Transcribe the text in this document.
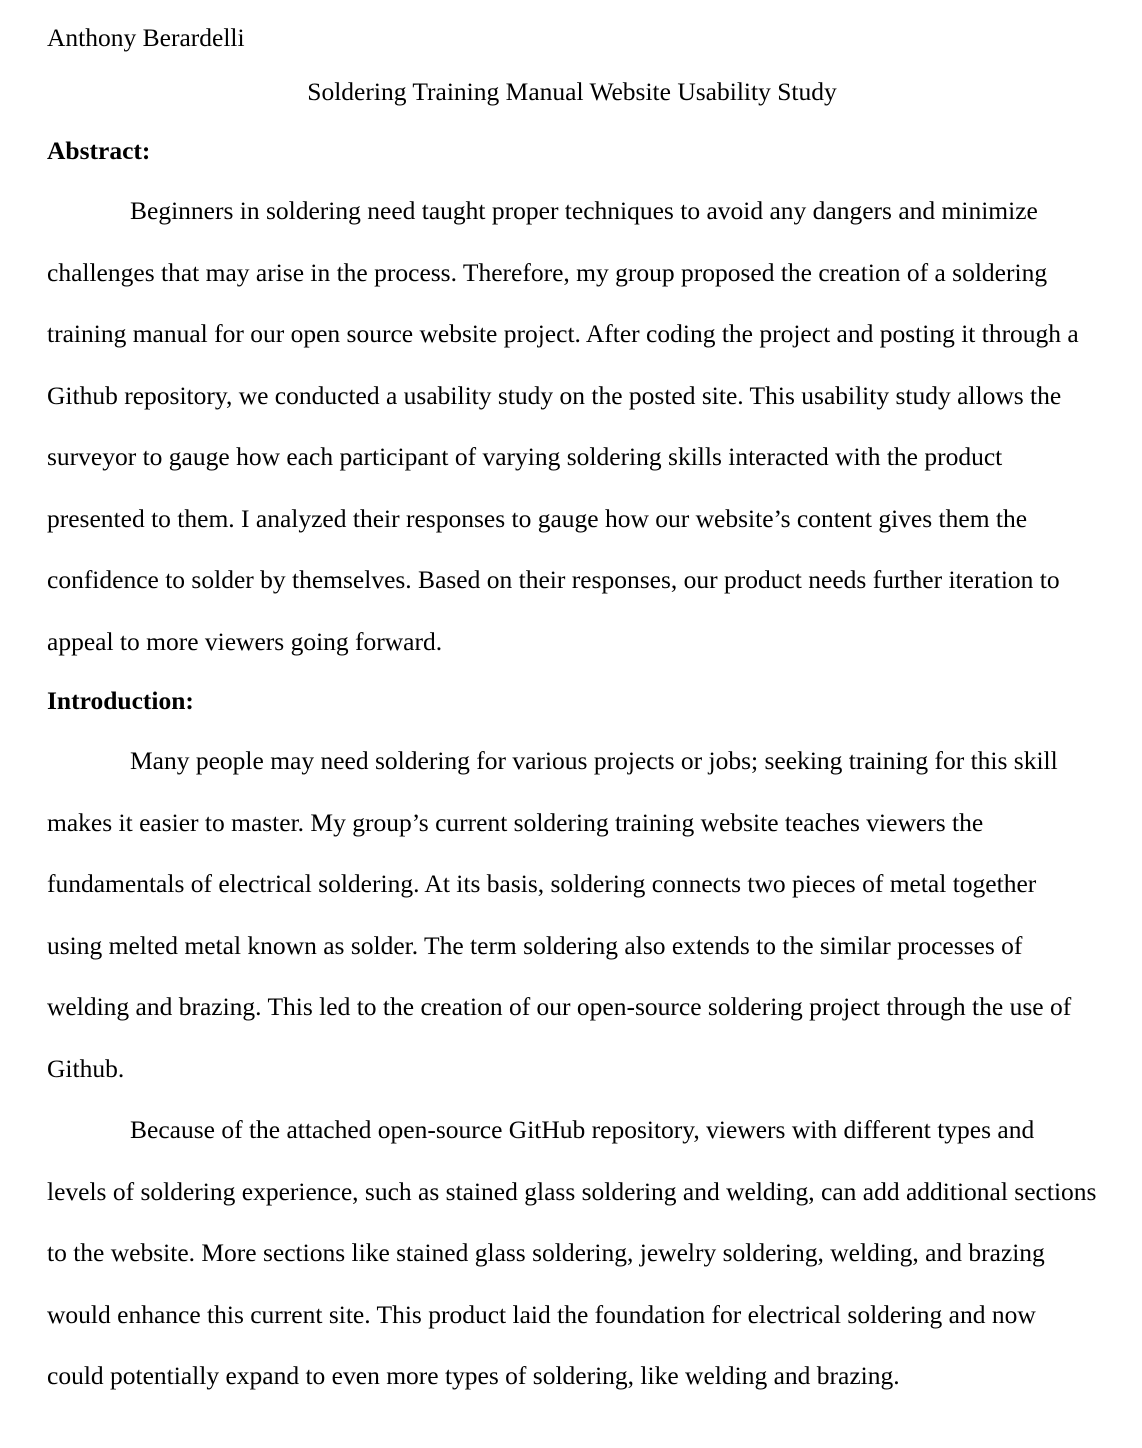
Anthony Berardelli
Soldering Training Manual Website Usability Study
Abstract:

Beginners in soldering need taught proper techniques to avoid any dangers and minimize challenges that may arise in the process. Therefore, my group proposed the creation of a soldering training manual for our open source website project. After coding the project and posting it through a Github repository, we conducted a usability study on the posted site. This usability study allows the surveyor to gauge how each participant of varying soldering skills interacted with the product presented to them. I analyzed their responses to gauge how our website’s content gives them the confidence to solder by themselves. Based on their responses, our product needs further iteration to appeal to more viewers going forward.

Introduction:

Many people may need soldering for various projects or jobs; seeking training for this skill makes it easier to master. My group’s current soldering training website teaches viewers the fundamentals of electrical soldering. At its basis, soldering connects two pieces of metal together using melted metal known as solder. The term soldering also extends to the similar processes of welding and brazing. This led to the creation of our open-source soldering project through the use of Github.

Because of the attached open-source GitHub repository, viewers with different types and levels of soldering experience, such as stained glass soldering and welding, can add additional sections to the website. More sections like stained glass soldering, jewelry soldering, welding, and brazing would enhance this current site. This product laid the foundation for electrical soldering and now could potentially expand to even more types of soldering, like welding and brazing.
